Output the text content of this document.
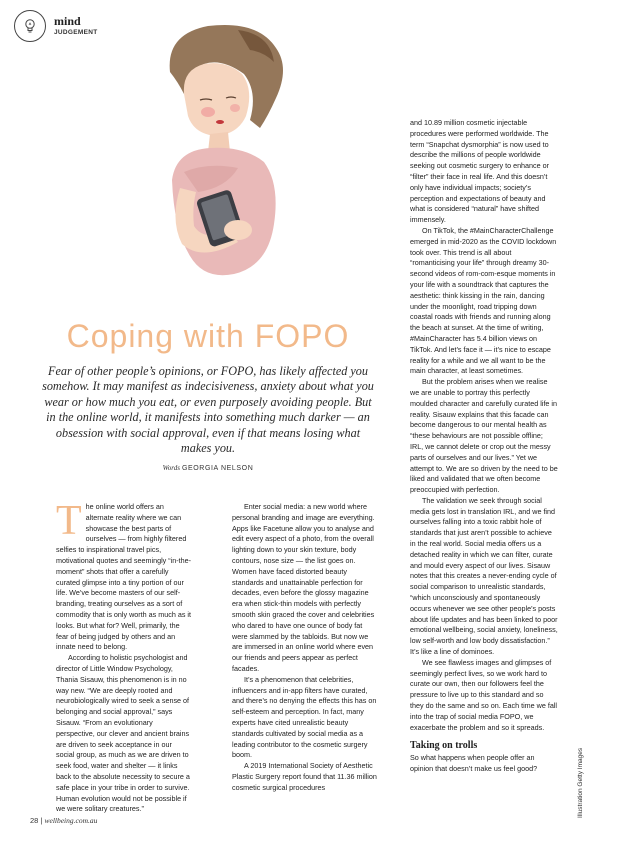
mind
JUDGEMENT
Coping with FOPO
Fear of other people’s opinions, or FOPO, has likely affected you somehow. It may manifest as indecisiveness, anxiety about what you wear or how much you eat, or even purposely avoiding people. But in the online world, it manifests into something much darker — an obsession with social approval, even if that means losing what makes you.
Words GEORGIA NELSON

The online world offers an alternate reality where we can showcase the best parts of ourselves — from highly filtered selfies to inspirational travel pics, motivational quotes and seemingly “in-the-moment” shots that offer a carefully curated glimpse into a tiny portion of our life. We’ve become masters of our self-branding, treating ourselves as a sort of commodity that is only worth as much as it looks. But what for? Well, primarily, the fear of being judged by others and an innate need to belong.

According to holistic psychologist and director of Little Window Psychology, Thania Sisauw, this phenomenon is in no way new. “We are deeply rooted and neurobiologically wired to seek a sense of belonging and social approval,” says Sisauw. “From an evolutionary perspective, our clever and ancient brains are driven to seek acceptance in our social group, as much as we are driven to seek food, water and shelter — it links back to the absolute necessity to secure a safe place in your tribe in order to survive. Human evolution would not be possible if we were solitary creatures.”

Enter social media: a new world where personal branding and image are everything. Apps like Facetune allow you to analyse and edit every aspect of a photo, from the overall lighting down to your skin texture, body contours, nose size — the list goes on. Women have faced distorted beauty standards and unattainable perfection for decades, even before the glossy magazine era when stick-thin models with perfectly smooth skin graced the cover and celebrities who dared to have one ounce of body fat were slammed by the tabloids. But now we are immersed in an online world where even our friends and peers appear as perfect facades.

It’s a phenomenon that celebrities, influencers and in-app filters have curated, and there’s no denying the effects this has on self-esteem and perception. In fact, many experts have cited unrealistic beauty standards cultivated by social media as a leading contributor to the cosmetic surgery boom.

A 2019 International Society of Aesthetic Plastic Surgery report found that 11.36 million cosmetic surgical procedures

and 10.89 million cosmetic injectable procedures were performed worldwide. The term “Snapchat dysmorphia” is now used to describe the millions of people worldwide seeking out cosmetic surgery to enhance or “filter” their face in real life. And this doesn’t only have individual impacts; society’s perception and expectations of beauty and what is considered “natural” have shifted immensely.

On TikTok, the #MainCharacterChallenge emerged in mid-2020 as the COVID lockdown took over. This trend is all about “romanticising your life” through dreamy 30-second videos of rom-com-esque moments in your life with a soundtrack that captures the aesthetic: think kissing in the rain, dancing under the moonlight, road tripping down coastal roads with friends and running along the beach at sunset. At the time of writing, #MainCharacter has 5.4 billion views on TikTok. And let’s face it — it’s nice to escape reality for a while and we all want to be the main character, at least sometimes.

But the problem arises when we realise we are unable to portray this perfectly moulded character and carefully curated life in reality. Sisauw explains that this facade can become dangerous to our mental health as “these behaviours are not possible offline; IRL, we cannot delete or crop out the messy parts of ourselves and our lives.” Yet we attempt to. We are so driven by the need to be liked and validated that we often become preoccupied with perfection.

The validation we seek through social media gets lost in translation IRL, and we find ourselves falling into a toxic rabbit hole of standards that just aren’t possible to achieve in the real world. Social media offers us a detached reality in which we can filter, curate and mould every aspect of our lives. Sisauw notes that this creates a never-ending cycle of social comparison to unrealistic standards, “which unconsciously and spontaneously occurs whenever we see other people’s posts about life updates and has been linked to poor emotional wellbeing, social anxiety, loneliness, low self-worth and low body dissatisfaction.” It’s like a line of dominoes.

We see flawless images and glimpses of seemingly perfect lives, so we work hard to curate our own, then our followers feel the pressure to live up to this standard and so they do the same and so on. Each time we fall into the trap of social media FOPO, we exacerbate the problem and so it spreads.

Taking on trolls

So what happens when people offer an opinion that doesn’t make us feel good?	Illustration Getty Images
28 | wellbeing.com.au
